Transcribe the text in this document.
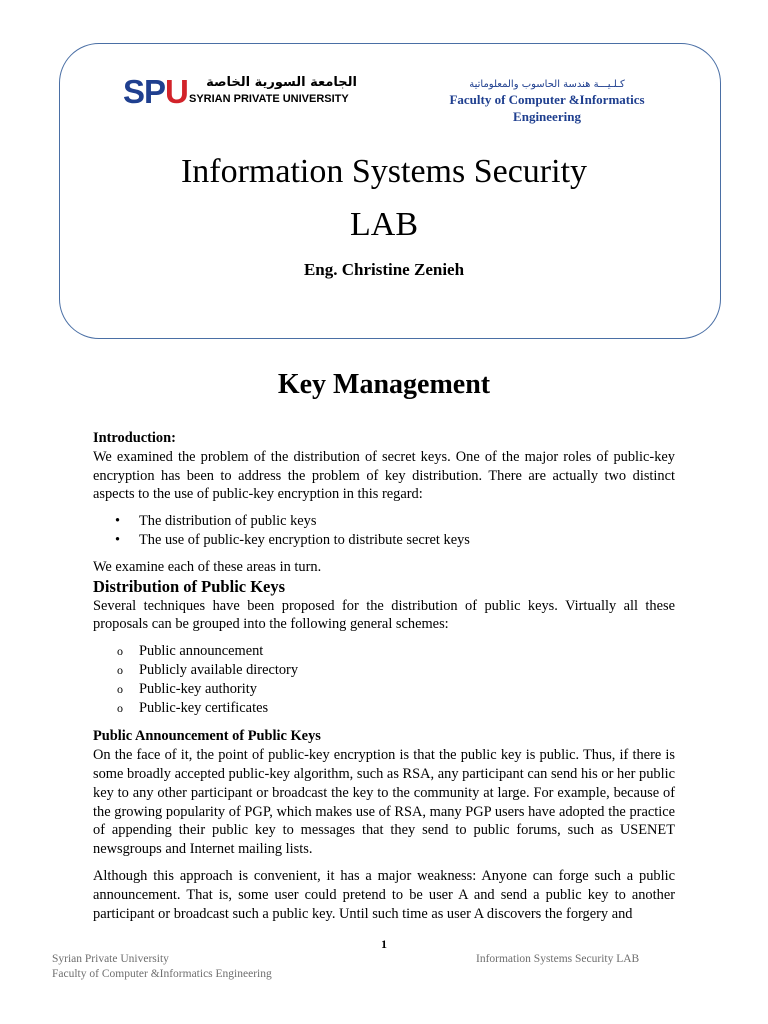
SPU	الجامعة السورية الخاصة
SYRIAN PRIVATE UNIVERSITY
كـلـيـــة هندسة الحاسوب والمعلوماتية
Faculty of Computer &Informatics
Engineering
Information Systems Security
LAB
Eng. Christine Zenieh
Key Management

Introduction:

We examined the problem of the distribution of secret keys. One of the major roles of public-key encryption has been to address the problem of key distribution. There are actually two distinct aspects to the use of public-key encryption in this regard:

• The distribution of public keys
• The use of public-key encryption to distribute secret keys

We examine each of these areas in turn.

Distribution of Public Keys

Several techniques have been proposed for the distribution of public keys. Virtually all these proposals can be grouped into the following general schemes:

o Public announcement
o Publicly available directory
o Public-key authority
o Public-key certificates

Public Announcement of Public Keys

On the face of it, the point of public-key encryption is that the public key is public. Thus, if there is some broadly accepted public-key algorithm, such as RSA, any participant can send his or her public key to any other participant or broadcast the key to the community at large. For example, because of the growing popularity of PGP, which makes use of RSA, many PGP users have adopted the practice of appending their public key to messages that they send to public forums, such as USENET newsgroups and Internet mailing lists.

Although this approach is convenient, it has a major weakness: Anyone can forge such a public announcement. That is, some user could pretend to be user A and send a public key to another participant or broadcast such a public key. Until such time as user A discovers the forgery and

1
Syrian Private University
Faculty of Computer &Informatics Engineering
Information Systems Security LAB
